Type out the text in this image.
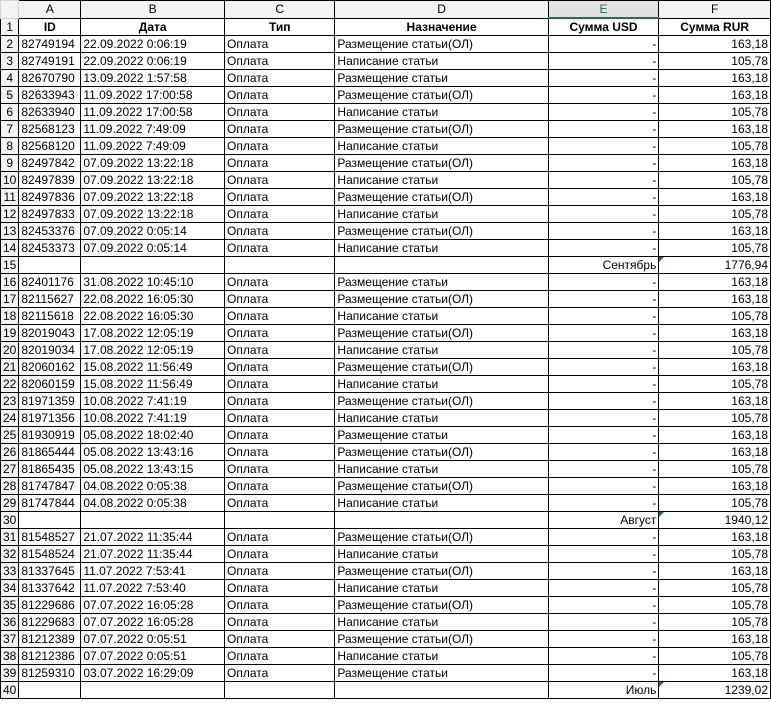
	A	B	C	D	E	F
1	ID	Дата	Тип	Назначение	Сумма USD	Сумма RUR
2	82749194	22.09.2022 0:06:19	Оплата	Размещение статьи(ОЛ)	-	163,18
3	82749191	22.09.2022 0:06:19	Оплата	Написание статьи	-	105,78
4	82670790	13.09.2022 1:57:58	Оплата	Размещение статьи	-	163,18
5	82633943	11.09.2022 17:00:58	Оплата	Размещение статьи(ОЛ)	-	163,18
6	82633940	11.09.2022 17:00:58	Оплата	Написание статьи	-	105,78
7	82568123	11.09.2022 7:49:09	Оплата	Размещение статьи(ОЛ)	-	163,18
8	82568120	11.09.2022 7:49:09	Оплата	Написание статьи	-	105,78
9	82497842	07.09.2022 13:22:18	Оплата	Размещение статьи(ОЛ)	-	163,18
10	82497839	07.09.2022 13:22:18	Оплата	Написание статьи	-	105,78
11	82497836	07.09.2022 13:22:18	Оплата	Размещение статьи(ОЛ)	-	163,18
12	82497833	07.09.2022 13:22:18	Оплата	Написание статьи	-	105,78
13	82453376	07.09.2022 0:05:14	Оплата	Размещение статьи(ОЛ)	-	163,18
14	82453373	07.09.2022 0:05:14	Оплата	Написание статьи	-	105,78
15					Сентябрь	1776,94
16	82401176	31.08.2022 10:45:10	Оплата	Размещение статьи	-	163,18
17	82115627	22.08.2022 16:05:30	Оплата	Размещение статьи(ОЛ)	-	163,18
18	82115618	22.08.2022 16:05:30	Оплата	Написание статьи	-	105,78
19	82019043	17.08.2022 12:05:19	Оплата	Размещение статьи(ОЛ)	-	163,18
20	82019034	17.08.2022 12:05:19	Оплата	Написание статьи	-	105,78
21	82060162	15.08.2022 11:56:49	Оплата	Размещение статьи(ОЛ)	-	163,18
22	82060159	15.08.2022 11:56:49	Оплата	Написание статьи	-	105,78
23	81971359	10.08.2022 7:41:19	Оплата	Размещение статьи(ОЛ)	-	163,18
24	81971356	10.08.2022 7:41:19	Оплата	Написание статьи	-	105,78
25	81930919	05.08.2022 18:02:40	Оплата	Размещение статьи	-	163,18
26	81865444	05.08.2022 13:43:16	Оплата	Размещение статьи(ОЛ)	-	163,18
27	81865435	05.08.2022 13:43:15	Оплата	Написание статьи	-	105,78
28	81747847	04.08.2022 0:05:38	Оплата	Размещение статьи(ОЛ)	-	163,18
29	81747844	04.08.2022 0:05:38	Оплата	Написание статьи	-	105,78
30					Август	1940,12
31	81548527	21.07.2022 11:35:44	Оплата	Размещение статьи(ОЛ)	-	163,18
32	81548524	21.07.2022 11:35:44	Оплата	Написание статьи	-	105,78
33	81337645	11.07.2022 7:53:41	Оплата	Размещение статьи(ОЛ)	-	163,18
34	81337642	11.07.2022 7:53:40	Оплата	Написание статьи	-	105,78
35	81229686	07.07.2022 16:05:28	Оплата	Размещение статьи(ОЛ)	-	105,78
36	81229683	07.07.2022 16:05:28	Оплата	Написание статьи	-	105,78
37	81212389	07.07.2022 0:05:51	Оплата	Размещение статьи(ОЛ)	-	163,18
38	81212386	07.07.2022 0:05:51	Оплата	Написание статьи	-	105,78
39	81259310	03.07.2022 16:29:09	Оплата	Размещение статьи	-	163,18
40					Июль	1239,02
